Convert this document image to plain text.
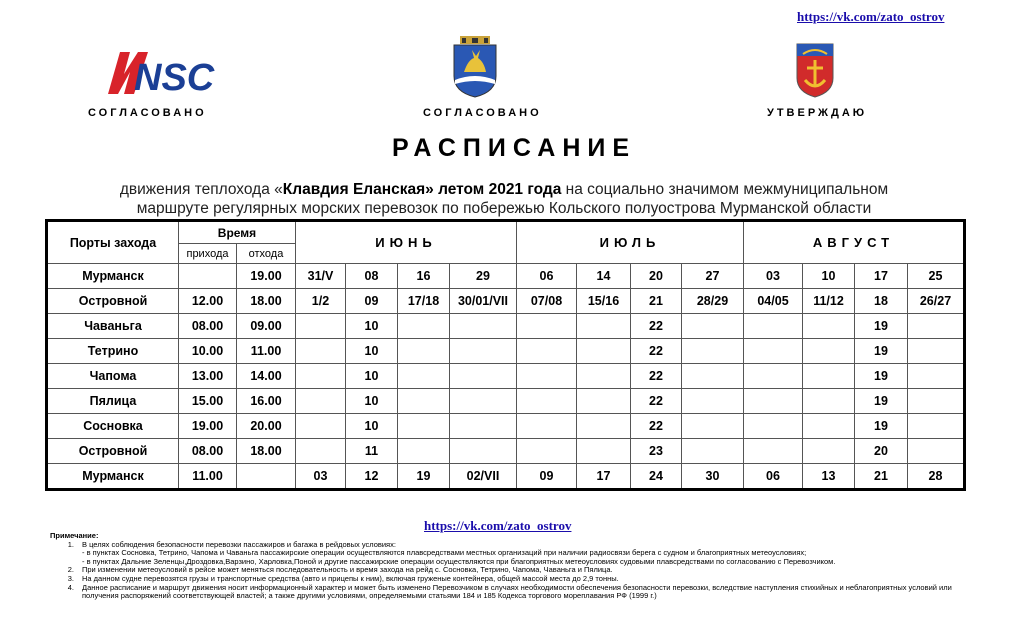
https://vk.com/zato_ostrov
NSC
СОГЛАСОВАНО	СОГЛАСОВАНО	УТВЕРЖДАЮ
РАСПИСАНИЕ
движения теплохода «Клавдия Еланская» летом 2021 года на социально значимом межмуниципальном
маршруте регулярных морских перевозок по побережью Кольского полуострова Мурманской области
Порты захода	Время		ИЮНЬ				ИЮЛЬ				АВГУСТ			
	прихода	отхода												
Мурманск		19.00	31/V	08	16	29	06	14	20	27	03	10	17	25
Островной	12.00	18.00	1/2	09	17/18	30/01/VII	07/08	15/16	21	28/29	04/05	11/12	18	26/27
Чаваньга	08.00	09.00		10					22				19	
Тетрино	10.00	11.00		10					22				19	
Чапома	13.00	14.00		10					22				19	
Пялица	15.00	16.00		10					22				19	
Сосновка	19.00	20.00		10					22				19	
Островной	08.00	18.00		11					23				20	
Мурманск	11.00		03	12	19	02/VII	09	17	24	30	06	13	21	28
https://vk.com/zato_ostrov
Примечание:
1.	В целях соблюдения безопасности перевозки пассажиров и багажа в рейдовых условиях:
- в пунктах Сосновка, Тетрино, Чапома и Чаваньга пассажирские операции осуществляются плавсредствами местных организаций при наличии радиосвязи берега с судном и благоприятных метеоусловиях;
- в пунктах Дальние Зеленцы,Дроздовка,Варзино, Харловка,Поной и другие пассажирские операции осуществляются при благоприятных метеоусловиях судовыми плавсредствами по согласованию с Перевозчиком.
2.	При изменении метеоусловий в рейсе может меняться последовательность и время захода на рейд с. Сосновка, Тетрино, Чапома, Чаваньга и Пялица.
3.	На данном судне перевозятся грузы и транспортные средства (авто и прицепы к ним), включая груженые контейнера, общей массой места до 2,9 тонны.
4.	Данное расписание и маршрут движения носит информационный характер и может быть изменено Перевозчиком в случаях необходимости обеспечения безопасности перевозки, вследствие наступления стихийных и неблагоприятных условий или получения распоряжений соответствующей властей; а также другими условиями, определяемыми статьями 184 и 185 Кодекса торгового мореплавания РФ (1999 г.)
